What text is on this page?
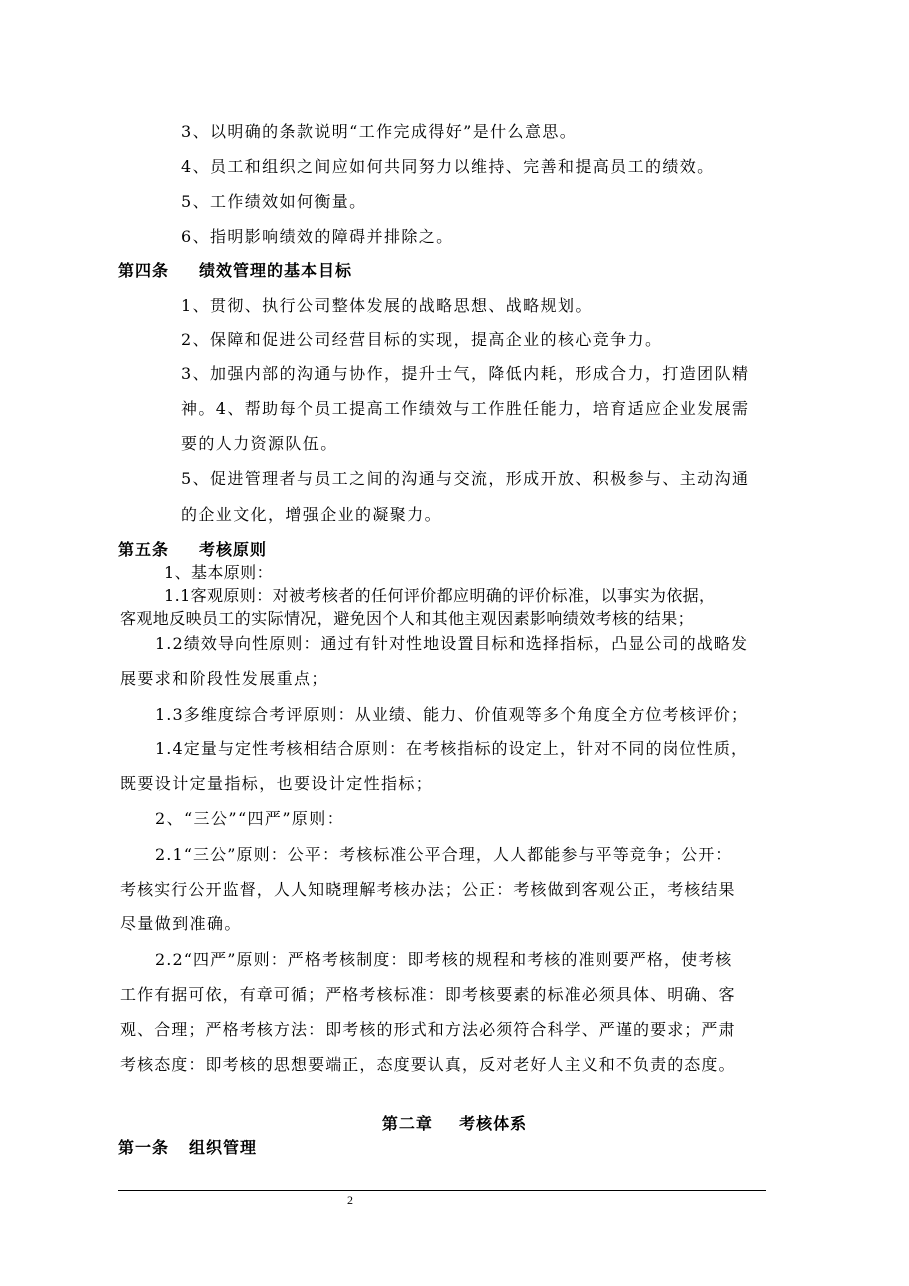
3、以明确的条款说明“工作完成得好”是什么意思。
4、员工和组织之间应如何共同努力以维持、完善和提高员工的绩效。
5、工作绩效如何衡量。
6、指明影响绩效的障碍并排除之。
第四条 绩效管理的基本目标
1、贯彻、执行公司整体发展的战略思想、战略规划。
2、保障和促进公司经营目标的实现，提高企业的核心竞争力。
3、加强内部的沟通与协作，提升士气，降低内耗，形成合力，打造团队精
神。4、帮助每个员工提高工作绩效与工作胜任能力，培育适应企业发展需
要的人力资源队伍。
5、促进管理者与员工之间的沟通与交流，形成开放、积极参与、主动沟通
的企业文化，增强企业的凝聚力。
第五条 考核原则
1、基本原则：
1.1客观原则：对被考核者的任何评价都应明确的评价标准，以事实为依据，
客观地反映员工的实际情况，避免因个人和其他主观因素影响绩效考核的结果；
1.2绩效导向性原则：通过有针对性地设置目标和选择指标，凸显公司的战略发
展要求和阶段性发展重点；
1.3多维度综合考评原则：从业绩、能力、价值观等多个角度全方位考核评价；
1.4定量与定性考核相结合原则：在考核指标的设定上，针对不同的岗位性质，
既要设计定量指标，也要设计定性指标；
2、“三公”“四严”原则：
2.1“三公”原则：公平：考核标准公平合理，人人都能参与平等竞争；公开：
考核实行公开监督，人人知晓理解考核办法；公正：考核做到客观公正，考核结果
尽量做到准确。
2.2“四严”原则：严格考核制度：即考核的规程和考核的准则要严格，使考核
工作有据可依，有章可循；严格考核标准：即考核要素的标准必须具体、明确、客
观、合理；严格考核方法：即考核的形式和方法必须符合科学、严谨的要求；严肃
考核态度：即考核的思想要端正，态度要认真，反对老好人主义和不负责的态度。
第二章    考核体系
第一条 组织管理
2
